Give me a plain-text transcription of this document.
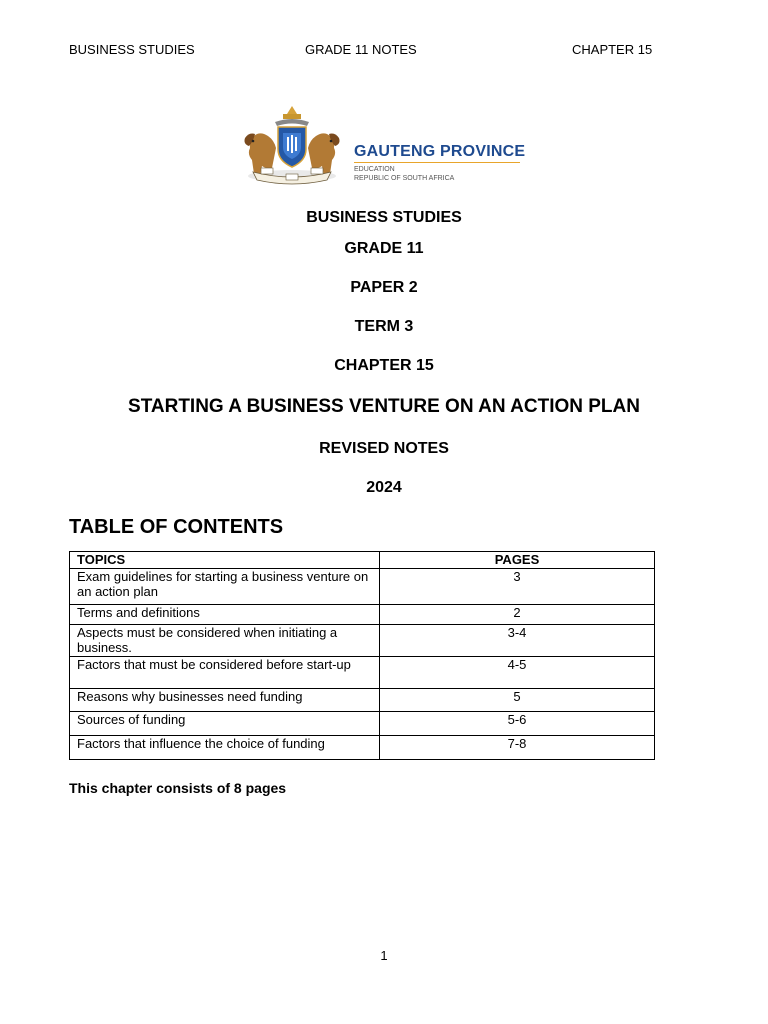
BUSINESS STUDIES	GRADE 11 NOTES	CHAPTER 15
GAUTENG PROVINCE
EDUCATION
REPUBLIC OF SOUTH AFRICA
BUSINESS STUDIES
GRADE 11
PAPER 2
TERM 3
CHAPTER 15
STARTING A BUSINESS VENTURE ON AN ACTION PLAN
REVISED NOTES
2024
TABLE OF CONTENTS
TOPICS	PAGES
Exam guidelines for starting a business venture on an action plan	3
Terms and definitions	2
Aspects must be considered when initiating a business.	3-4
Factors that must be considered before start-up	4-5
Reasons why businesses need funding	5
Sources of funding	5-6
Factors that influence the choice of funding	7-8
This chapter consists of 8 pages
1
